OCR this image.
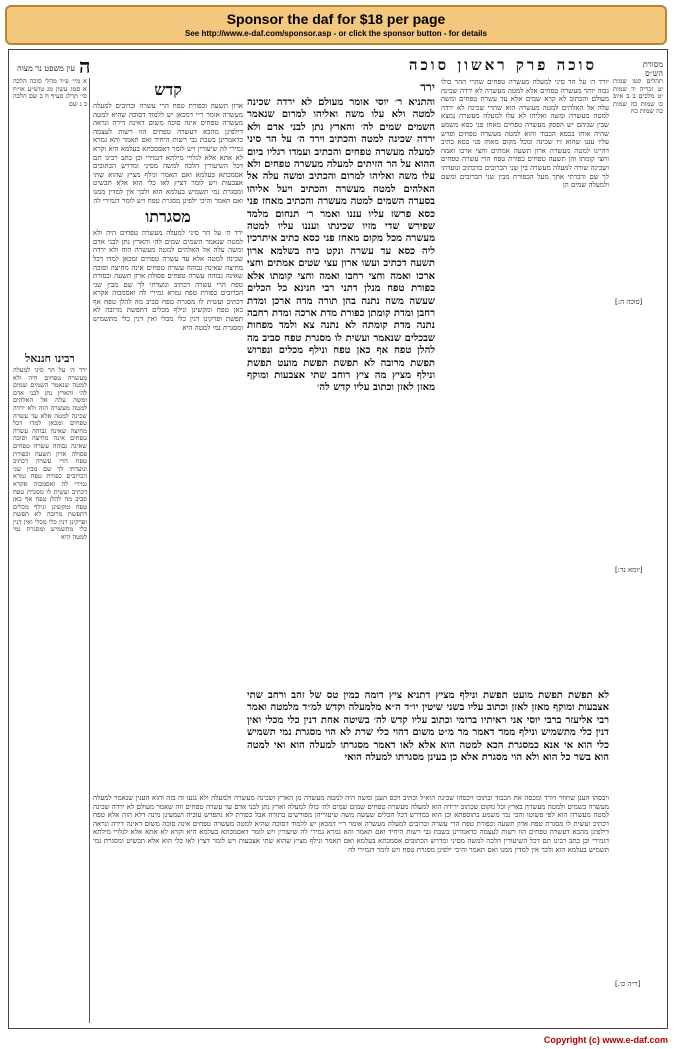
Sponsor the daf for $18 per page
See http://www.e-daf.com/sponsor.asp - or click the sponsor button - for details
עין משפט נר מצוה ה	סוכה פרק ראשון סוכה	מסורת הש״ס
א מיי׳ פ״ד מהל׳ סוכה הלכה א סמג עשין מג טוש״ע או״ח סי׳ תרלג סעיף ח ב שם הלכה ב ג שם
רבינו חננאל
ירד ה׳ על הר סיני למעלה מעשרה טפחים היה ולא למטה שנאמר השמים שמים לה׳ והארץ נתן לבני אדם ומשה עלה אל האלהים למטה מעשרה הוה ולא ירדה שכינה למטה אלא עד עשרה טפחים ומכאן למדו דכל מחיצה שאינה גבוהה עשרה טפחים אינה מחיצה וסוכה שאינה גבוהה עשרה טפחים פסולה ארון תשעה וכפורת טפח הרי עשרה דכתיב ונועדתי לך שם מבין שני הכרובים כפורת טפח גמרא גמירי לה ואסמכוה אקרא דכתיב ועשית לו מסגרת טפח סביב מה להלן טפח אף כאן טפח ומקשינן ונילף מכלים דתפשת מרובה לא תפשת ופרקינן דנין כלי מכלי ואין דנין כלי מתשמיש ומסגרת נמי למטה היא
קדש
ארון תשעה וכפורת טפח הרי עשרה וכרובים למעלה מעשרה אומר ר״י דמכאן יש ללמוד דסוכה שהיא למטה מעשרה טפחים אינה סוכה משום דאינה דירה ונראה דילפינן מהכא דעשרה טפחים הוו רשות לעצמה כדאמרינן בשבת גבי רשות היחיד ואם תאמר והא גמרא גמירי לה שיעורין ויש לומר דאסמכתא בעלמא היא וקרא לא אתא אלא לגלויי מילתא דגמירי וכן כתב רבינו תם דכל השיעורין הלכה למשה מסיני ומדרש הכתובים אסמכתא בעלמא ואם תאמר ונילף מציץ שהוא שתי אצבעות ויש לומר דציץ לאו כלי הוא אלא תכשיט ומסגרת נמי תשמיש בעלמא הוא ולכך אין למדין ממנו ואם תאמר והיכי ילפינן מסגרת טפח ויש לומר דגמירי לה
מסגרתו
ירד ה׳ על הר סיני למעלה מעשרה טפחים היה ולא למטה שנאמר השמים שמים לה׳ והארץ נתן לבני אדם ומשה עלה אל האלהים למטה מעשרה הוה ולא ירדה שכינה למטה אלא עד עשרה טפחים ומכאן למדו דכל מחיצה שאינה גבוהה עשרה טפחים אינה מחיצה וסוכה שאינה גבוהה עשרה טפחים פסולה ארון תשעה וכפורת טפח הרי עשרה דכתיב ונועדתי לך שם מבין שני הכרובים כפורת טפח גמרא גמירי לה ואסמכוה אקרא דכתיב ועשית לו מסגרת טפח סביב מה להלן טפח אף כאן טפח ומקשינן ונילף מכלים דתפשת מרובה לא תפשת ופרקינן דנין כלי מכלי ואין דנין כלי מתשמיש ומסגרת נמי למטה היא
ירד
והתניא ר׳ יוסי אומר מעולם לא ירדה שכינה למטה ולא עלו משה ואליהו למרום שנאמר השמים שמים לה׳ והארץ נתן לבני אדם ולא ירדה שכינה למטה והכתיב וירד ה׳ על הר סיני למעלה מעשרה טפחים והכתיב ועמדו רגליו ביום ההוא על הר הזיתים למעלה מעשרה טפחים ולא עלו משה ואליהו למרום והכתיב ומשה עלה אל האלהים למטה מעשרה והכתיב ויעל אליהו בסערה השמים למטה מעשרה והכתיב מאחז פני כסא פרשז עליו עננו ואמר ר׳ תנחום מלמד שפירש שדי מזיו שכינתו ועננו עליו למטה מעשרה מכל מקום מאחז פני כסא כתיב איתרכין ליה כסא עד עשרה ונקט ביה בשלמא ארון תשעה דכתיב ועשו ארון עצי שטים אמתים וחצי ארכו ואמה וחצי רחבו ואמה וחצי קומתו אלא כפורת טפח מנלן דתני רבי חנינא כל הכלים שעשה משה נתנה בהן תורה מדה ארכן ומדת רחבן ומדת קומתן כפורת מדת ארכה ומדת רחבה נתנה מדת קומתה לא נתנה צא ולמד מפחות שבכלים שנאמר ועשית לו מסגרת טפח סביב מה להלן טפח אף כאן טפח ונילף מכלים ונפרוש תפשת מרובה לא תפשת תפשת מועט תפשת ונילף מציץ מה ציץ רוחב שתי אצבעות ומוקף מאזן לאזן וכתוב עליו קדש לה׳
יורד ה׳ על הר סיני למעלה מעשרה טפחים שהרי ההר כולו גבוה יותר מעשרה טפחים אלא למטה מעשרה לא ירדה שכינה מעולם והכתוב לא קרא שמים אלא עד עשרה טפחים ומשה עלה אל האלהים למטה מעשרה הוא שהרי שכינה לא ירדה למטה מעשרה ומשה ואליהו לא עלו למעלה מעשרה נמצא שבין שניהם יש הפסק מעשרה טפחים מאחז פני כסא משמע שהיה אוחז בכסא הכבוד והוא למטה מעשרה טפחים ופרש עליו עננו שהוא זיו שכינה ומכל מקום מאחז פני כסא כתיב דהיינו למטה מעשרה ארון תשעה אמתים וחצי ארכו ואמה וחצי קומתו והן תשעה טפחים כפורת טפח הרי עשרה טפחים ושכינה שורה למעלה מעשרה בין שני הכרובים כדכתיב ונועדתי לך שם ודברתי אתך מעל הכפורת מבין שני הכרובים ומשם ולמעלה שמים הן
תהלים קטו שמות יט זכריה יד שמות יט מלכים ב ב איוב כו שמות כה שמות כה שמות כח
[סוכה ה:]
[יומא נד:]
[ר״ה כו.]
לא תפשת תפשת מועט תפשת ונילף מציץ דתניא ציץ דומה כמין טס של זהב ורחב שתי אצבעות ומוקף מאזן לאזן וכתוב עליו בשני שיטין יו״ד ה״א מלמעלה וקדש למ״ד מלמטה ואמר רבי אליעזר ברבי יוסי אני ראיתיו ברומי וכתוב עליו קדש לה׳ בשיטה אחת דנין כלי מכלי ואין דנין כלי מתשמיש ונילף ממר דאמר מר מ״ט משום דהוי כלי שרת לא הוי מסגרת נמי תשמיש כלי הוא אי אנא כמסגרת הכא למטה הוא אלא לאו דאמר מסגרתו למעלה הוא ואי למטה הוא בשר כל הוא ולא הוי מסגרת אלא כן בעינן מסגרתו למעלה הואי
ויכסהו הענן שחוזר ויורד ומכסה את הכבוד ובתוכו ויכסהו שכינה הואיל וכתיב ויכס הענן ומשה היה למטה מעשרה מן הארץ ושכינה מעשרה ולמעלה ולא נגעו זה בזה והוא הענין שנאמר למעלה מעשרה בשמים ולמטה מעשרה בארץ וכל מקום שכתוב ירידה הוא למעלה מעשרה טפחים שמים שמים לה׳ כולו למעלה וארץ נתן לבני אדם עד עשרה טפחים וזה שאמר מעולם לא ירדה שכינה למטה מעשרה הוא לפי פשוטו והכי נמי משמע בתוספתא וכן הוא במדרש דכל הכלים שעשה משה שיעוריהן מפורשים בתורה אבל כפורת לא נתפרש עוביה ושמעינן מינה דלא הוה אלא טפח דכתיב ועשית לו מסגרת טפח ארון תשעה וכפורת טפח הרי עשרה וכרובים למעלה מעשרה אומר ר״י דמכאן יש ללמוד דסוכה שהיא למטה מעשרה טפחים אינה סוכה משום דאינה דירה ונראה דילפינן מהכא דעשרה טפחים הוו רשות לעצמה כדאמרינן בשבת גבי רשות היחיד ואם תאמר והא גמרא גמירי לה שיעורין ויש לומר דאסמכתא בעלמא היא וקרא לא אתא אלא לגלויי מילתא דגמירי וכן כתב רבינו תם דכל השיעורין הלכה למשה מסיני ומדרש הכתובים אסמכתא בעלמא ואם תאמר ונילף מציץ שהוא שתי אצבעות ויש לומר דציץ לאו כלי הוא אלא תכשיט ומסגרת נמי תשמיש בעלמא הוא ולכך אין למדין ממנו ואם תאמר והיכי ילפינן מסגרת טפח ויש לומר דגמירי לה
Copyright (c) www.e-daf.com
